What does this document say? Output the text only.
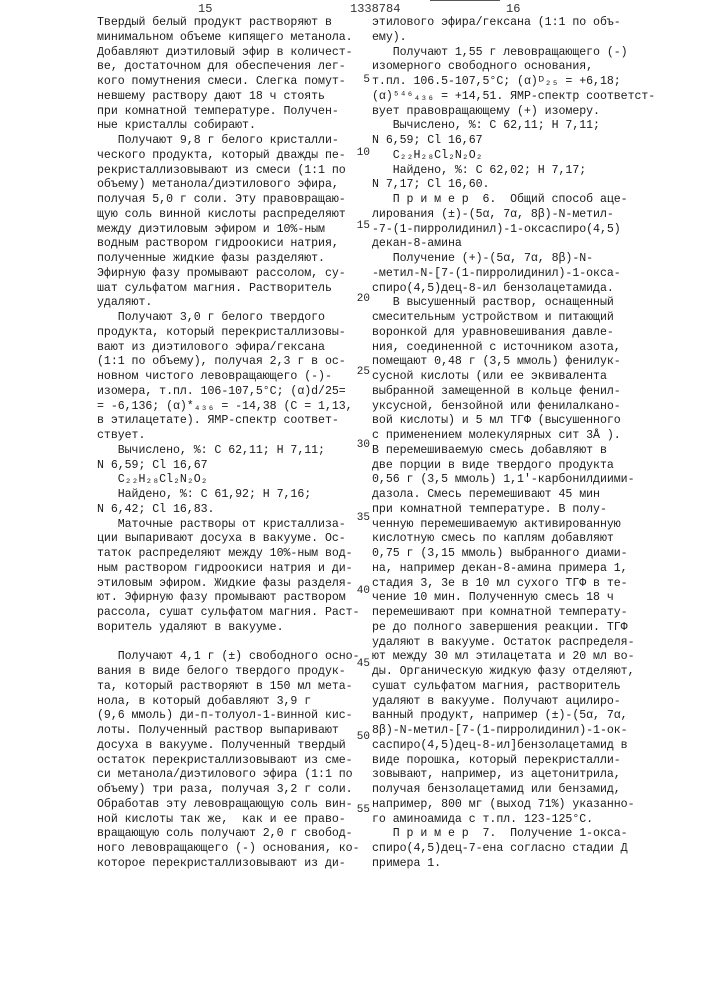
15	1338784	16
Твердый белый продукт растворяют в
минимальном объеме кипящего метанола.
Добавляют диэтиловый эфир в количест-
ве, достаточном для обеспечения лег-
кого помутнения смеси. Слегка помут-
невшему раствору дают 18 ч стоять
при комнатной температуре. Получен-
ные кристаллы собирают.
Получают 9,8 г белого кристалли-
ческого продукта, который дважды пе-
рекристаллизовывают из смеси (1:1 по
объему) метанола/диэтилового эфира,
получая 5,0 г соли. Эту правовращаю-
щую соль винной кислоты распределяют
между диэтиловым эфиром и 10%-ным
водным раствором гидроокиси натрия,
полученные жидкие фазы разделяют.
Эфирную фазу промывают рассолом, су-
шат сульфатом магния. Растворитель
удаляют.
Получают 3,0 г белого твердого
продукта, который перекристаллизовы-
вают из диэтилового эфира/гексана
(1:1 по объему), получая 2,3 г в ос-
новном чистого левовращающего (-)-
изомера, т.пл. 106-107,5°C; (α)d/25=
= -6,136; (α)*₄₃₆ = -14,38 (C = 1,13,
в этилацетате). ЯМР-спектр соответ-
ствует.
Вычислено, %: C 62,11; H 7,11;
N 6,59; Cl 16,67
C₂₂H₂₈Cl₂N₂O₂
Найдено, %: C 61,92; H 7,16;
N 6,42; Cl 16,83.
Маточные растворы от кристаллиза-
ции выпаривают досуха в вакууме. Ос-
таток распределяют между 10%-ным вод-
ным раствором гидроокиси натрия и ди-
этиловым эфиром. Жидкие фазы разделя-
ют. Эфирную фазу промывают раствором
рассола, сушат сульфатом магния. Раст-
воритель удаляют в вакууме.
Получают 4,1 г (±) свободного осно-
вания в виде белого твердого продук-
та, который растворяют в 150 мл мета-
нола, в который добавляют 3,9 г
(9,6 ммоль) ди-п-толуол-1-винной кис-
лоты. Полученный раствор выпаривают
досуха в вакууме. Полученный твердый
остаток перекристаллизовывают из сме-
си метанола/диэтилового эфира (1:1 по
объему) три раза, получая 3,2 г соли.
Обработав эту левовращающую соль вин-
ной кислоты так же,  как и ее право-
вращающую соль получают 2,0 г свобод-
ного левовращающего (-) основания, ко-
которое перекристаллизовывают из ди-
этилового эфира/гексана (1:1 по объ-
ему).
Получают 1,55 г левовращающего (-)
изомерного свободного основания,
т.пл. 106.5-107,5°C; (α)ᴰ₂₅ = +6,18;
(α)⁵⁴⁶₄₃₆ = +14,51. ЯМР-спектр соответст-
вует правовращающему (+) изомеру.
Вычислено, %: C 62,11; H 7,11;
N 6,59; Cl 16,67
C₂₂H₂₈Cl₂N₂O₂
Найдено, %: C 62,02; H 7,17;
N 7,17; Cl 16,60.
П р и м е р  6.  Общий способ аце-
лирования (±)-(5α, 7α, 8β)-N-метил-
-7-(1-пирролидинил)-1-оксаспиро(4,5)
декан-8-амина
Получение (+)-(5α, 7α, 8β)-N-
-метил-N-[7-(1-пирролидинил)-1-окса-
спиро(4,5)дец-8-ил бензолацетамида.
В высушенный раствор, оснащенный
смесительным устройством и питающий
воронкой для уравновешивания давле-
ния, соединенной с источником азота,
помещают 0,48 г (3,5 ммоль) фенилук-
сусной кислоты (или ее эквивалента
выбранной замещенной в кольце фенил-
уксусной, бензойной или фенилалкано-
вой кислоты) и 5 мл ТГФ (высушенного
с применением молекулярных сит 3Å ).
В перемешиваемую смесь добавляют в
две порции в виде твердого продукта
0,56 г (3,5 ммоль) 1,1'-карбонилдиими-
дазола. Смесь перемешивают 45 мин
при комнатной температуре. В полу-
ченную перемешиваемую активированную
кислотную смесь по каплям добавляют
0,75 г (3,15 ммоль) выбранного диами-
на, например декан-8-амина примера 1,
стадия 3, 3е в 10 мл сухого ТГФ в те-
чение 10 мин. Полученную смесь 18 ч
перемешивают при комнатной температу-
ре до полного завершения реакции. ТГФ
удаляют в вакууме. Остаток распределя-
ют между 30 мл этилацетата и 20 мл во-
ды. Органическую жидкую фазу отделяют,
сушат сульфатом магния, растворитель
удаляют в вакууме. Получают ацилиро-
ванный продукт, например (±)-(5α, 7α,
8β)-N-метил-[7-(1-пирролидинил)-1-ок-
саспиро(4,5)дец-8-ил]бензолацетамид в
виде порошка, который перекристалли-
зовывают, например, из ацетонитрила,
получая бензолацетамид или бензамид,
например, 800 мг (выход 71%) указанно-
го аминоамида с т.пл. 123-125°C.
П р и м е р  7.  Получение 1-окса-
спиро(4,5)дец-7-ена согласно стадии Д
примера 1.
5
10
15
20
25
30
35
40
45
50
55
